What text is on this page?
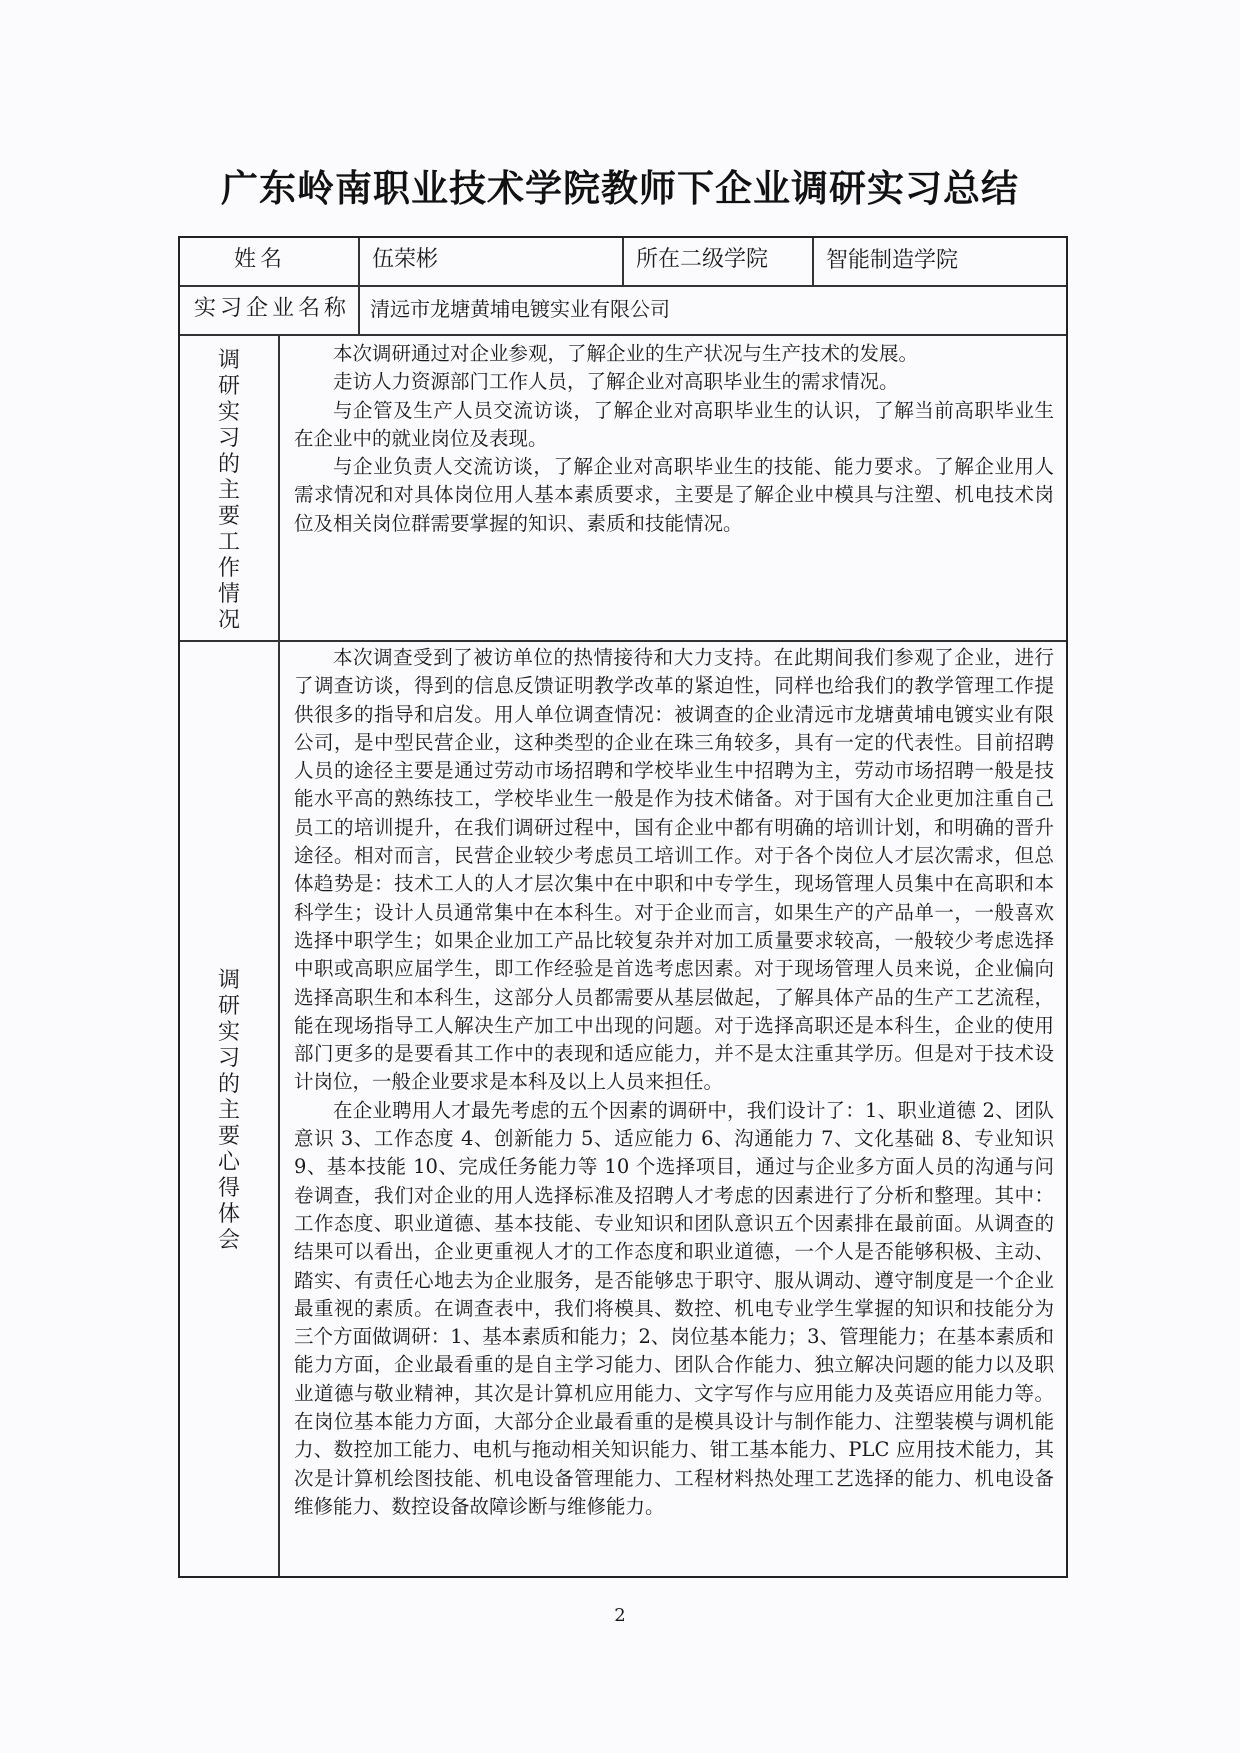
广东岭南职业技术学院教师下企业调研实习总结
姓名	伍荣彬	所在二级学院	智能制造学院
实习企业名称 清远市龙塘黄埔电镀实业有限公司
调研实习的主要工作情况

本次调研通过对企业参观，了解企业的生产状况与生产技术的发展。

走访人力资源部门工作人员，了解企业对高职毕业生的需求情况。

与企管及生产人员交流访谈，了解企业对高职毕业生的认识，了解当前高职毕业生在企业中的就业岗位及表现。

与企业负责人交流访谈，了解企业对高职毕业生的技能、能力要求。了解企业用人需求情况和对具体岗位用人基本素质要求，主要是了解企业中模具与注塑、机电技术岗位及相关岗位群需要掌握的知识、素质和技能情况。

调研实习的主要心得体会

本次调查受到了被访单位的热情接待和大力支持。在此期间我们参观了企业，进行了调查访谈，得到的信息反馈证明教学改革的紧迫性，同样也给我们的教学管理工作提供很多的指导和启发。用人单位调查情况：被调查的企业清远市龙塘黄埔电镀实业有限公司，是中型民营企业，这种类型的企业在珠三角较多，具有一定的代表性。目前招聘人员的途径主要是通过劳动市场招聘和学校毕业生中招聘为主，劳动市场招聘一般是技能水平高的熟练技工，学校毕业生一般是作为技术储备。对于国有大企业更加注重自己员工的培训提升，在我们调研过程中，国有企业中都有明确的培训计划，和明确的晋升途径。相对而言，民营企业较少考虑员工培训工作。对于各个岗位人才层次需求，但总体趋势是：技术工人的人才层次集中在中职和中专学生，现场管理人员集中在高职和本科学生；设计人员通常集中在本科生。对于企业而言，如果生产的产品单一，一般喜欢选择中职学生；如果企业加工产品比较复杂并对加工质量要求较高，一般较少考虑选择中职或高职应届学生，即工作经验是首选考虑因素。对于现场管理人员来说，企业偏向选择高职生和本科生，这部分人员都需要从基层做起，了解具体产品的生产工艺流程，能在现场指导工人解决生产加工中出现的问题。对于选择高职还是本科生，企业的使用部门更多的是要看其工作中的表现和适应能力，并不是太注重其学历。但是对于技术设计岗位，一般企业要求是本科及以上人员来担任。

在企业聘用人才最先考虑的五个因素的调研中，我们设计了：1、职业道德 2、团队意识 3、工作态度 4、创新能力 5、适应能力 6、沟通能力 7、文化基础 8、专业知识 9、基本技能 10、完成任务能力等 10 个选择项目，通过与企业多方面人员的沟通与问卷调查，我们对企业的用人选择标准及招聘人才考虑的因素进行了分析和整理。其中：工作态度、职业道德、基本技能、专业知识和团队意识五个因素排在最前面。从调查的结果可以看出，企业更重视人才的工作态度和职业道德，一个人是否能够积极、主动、踏实、有责任心地去为企业服务，是否能够忠于职守、服从调动、遵守制度是一个企业最重视的素质。在调查表中，我们将模具、数控、机电专业学生掌握的知识和技能分为三个方面做调研：1、基本素质和能力；2、岗位基本能力；3、管理能力；在基本素质和能力方面，企业最看重的是自主学习能力、团队合作能力、独立解决问题的能力以及职业道德与敬业精神，其次是计算机应用能力、文字写作与应用能力及英语应用能力等。在岗位基本能力方面，大部分企业最看重的是模具设计与制作能力、注塑装模与调机能力、数控加工能力、电机与拖动相关知识能力、钳工基本能力、PLC 应用技术能力，其次是计算机绘图技能、机电设备管理能力、工程材料热处理工艺选择的能力、机电设备维修能力、数控设备故障诊断与维修能力。

2
